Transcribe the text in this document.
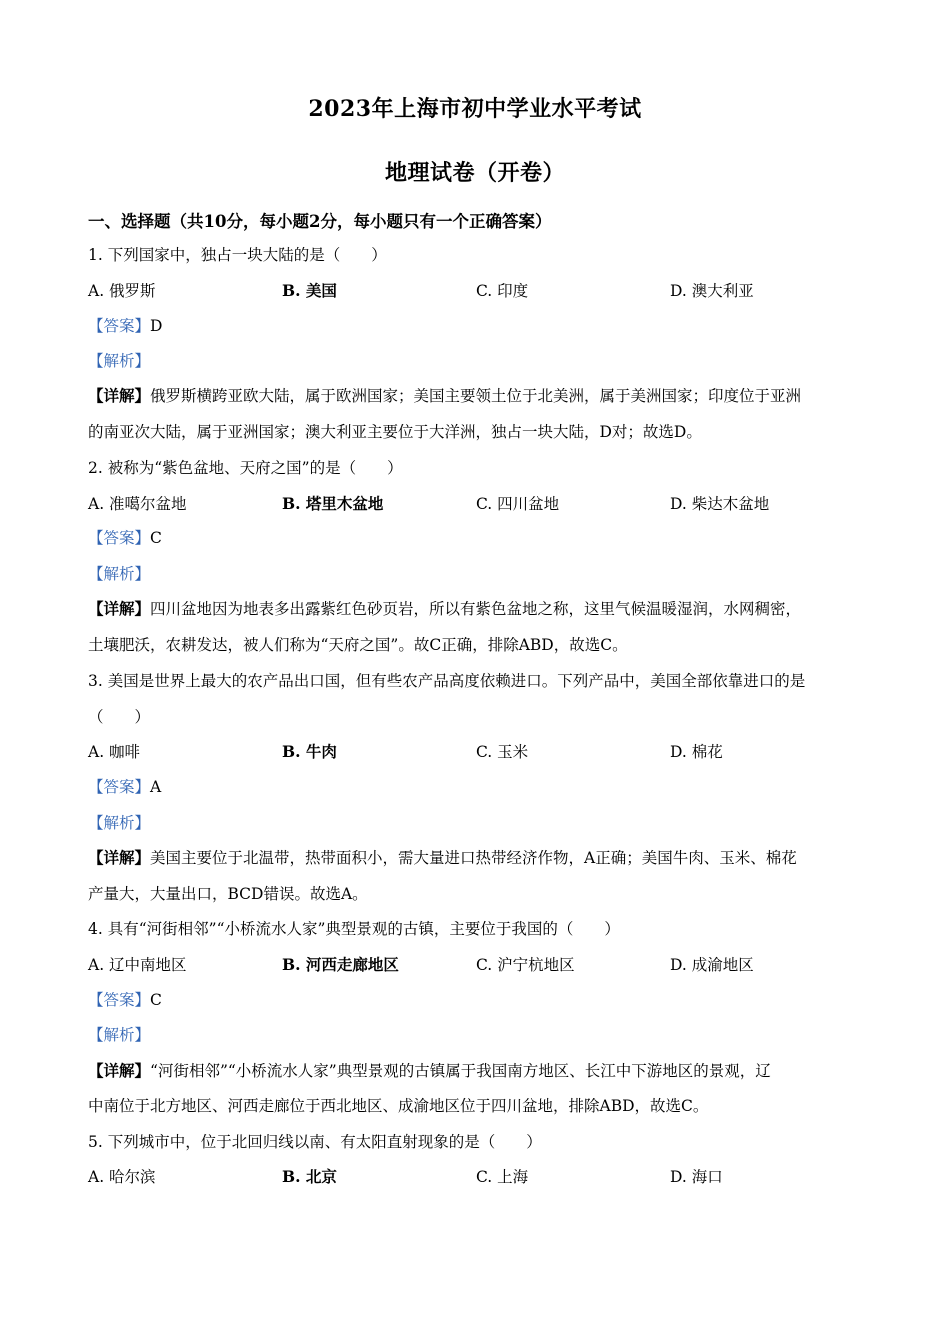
2023年上海市初中学业水平考试
地理试卷（开卷）
一、选择题（共10分，每小题2分，每小题只有一个正确答案）
1. 下列国家中，独占一块大陆的是（　　）
A. 俄罗斯	B. 美国	C. 印度	D. 澳大利亚
【答案】D
【解析】
【详解】俄罗斯横跨亚欧大陆，属于欧洲国家；美国主要领土位于北美洲，属于美洲国家；印度位于亚洲
的南亚次大陆，属于亚洲国家；澳大利亚主要位于大洋洲，独占一块大陆，D对；故选D。
2. 被称为“紫色盆地、天府之国”的是（　　）
A. 准噶尔盆地	B. 塔里木盆地	C. 四川盆地	D. 柴达木盆地
【答案】C
【解析】
【详解】四川盆地因为地表多出露紫红色砂页岩，所以有紫色盆地之称，这里气候温暖湿润，水网稠密，
土壤肥沃，农耕发达，被人们称为“天府之国”。故C正确，排除ABD，故选C。
3. 美国是世界上最大的农产品出口国，但有些农产品高度依赖进口。下列产品中，美国全部依靠进口的是
（　　）
A. 咖啡	B. 牛肉	C. 玉米	D. 棉花
【答案】A
【解析】
【详解】美国主要位于北温带，热带面积小，需大量进口热带经济作物，A正确；美国牛肉、玉米、棉花
产量大，大量出口，BCD错误。故选A。
4. 具有“河街相邻”“小桥流水人家”典型景观的古镇，主要位于我国的（　　）
A. 辽中南地区	B. 河西走廊地区	C. 沪宁杭地区	D. 成渝地区
【答案】C
【解析】
【详解】“河街相邻”“小桥流水人家”典型景观的古镇属于我国南方地区、长江中下游地区的景观，辽
中南位于北方地区、河西走廊位于西北地区、成渝地区位于四川盆地，排除ABD，故选C。
5. 下列城市中，位于北回归线以南、有太阳直射现象的是（　　）
A. 哈尔滨	B. 北京	C. 上海	D. 海口
